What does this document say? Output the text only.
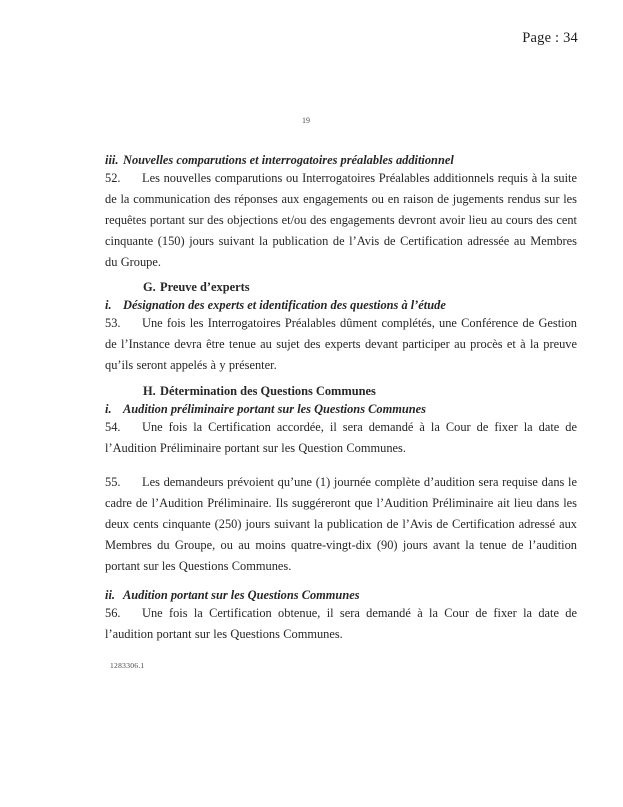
Page : 34
19
iii. Nouvelles comparutions et interrogatoires préalables additionnel
52. Les nouvelles comparutions ou Interrogatoires Préalables additionnels requis à la suite de la communication des réponses aux engagements ou en raison de jugements rendus sur les requêtes portant sur des objections et/ou des engagements devront avoir lieu au cours des cent cinquante (150) jours suivant la publication de l’Avis de Certification adressée au Membres du Groupe.
G. Preuve d’experts
i. Désignation des experts et identification des questions à l’étude
53. Une fois les Interrogatoires Préalables dûment complétés, une Conférence de Gestion de l’Instance devra être tenue au sujet des experts devant participer au procès et à la preuve qu’ils seront appelés à y présenter.
H. Détermination des Questions Communes
i. Audition préliminaire portant sur les Questions Communes
54. Une fois la Certification accordée, il sera demandé à la Cour de fixer la date de l’Audition Préliminaire portant sur les Question Communes.
55. Les demandeurs prévoient qu’une (1) journée complète d’audition sera requise dans le cadre de l’Audition Préliminaire. Ils suggéreront que l’Audition Préliminaire ait lieu dans les deux cents cinquante (250) jours suivant la publication de l’Avis de Certification adressé aux Membres du Groupe, ou au moins quatre-vingt-dix (90) jours avant la tenue de l’audition portant sur les Questions Communes.
ii. Audition portant sur les Questions Communes
56. Une fois la Certification obtenue, il sera demandé à la Cour de fixer la date de l’audition portant sur les Questions Communes.
1283306.1
